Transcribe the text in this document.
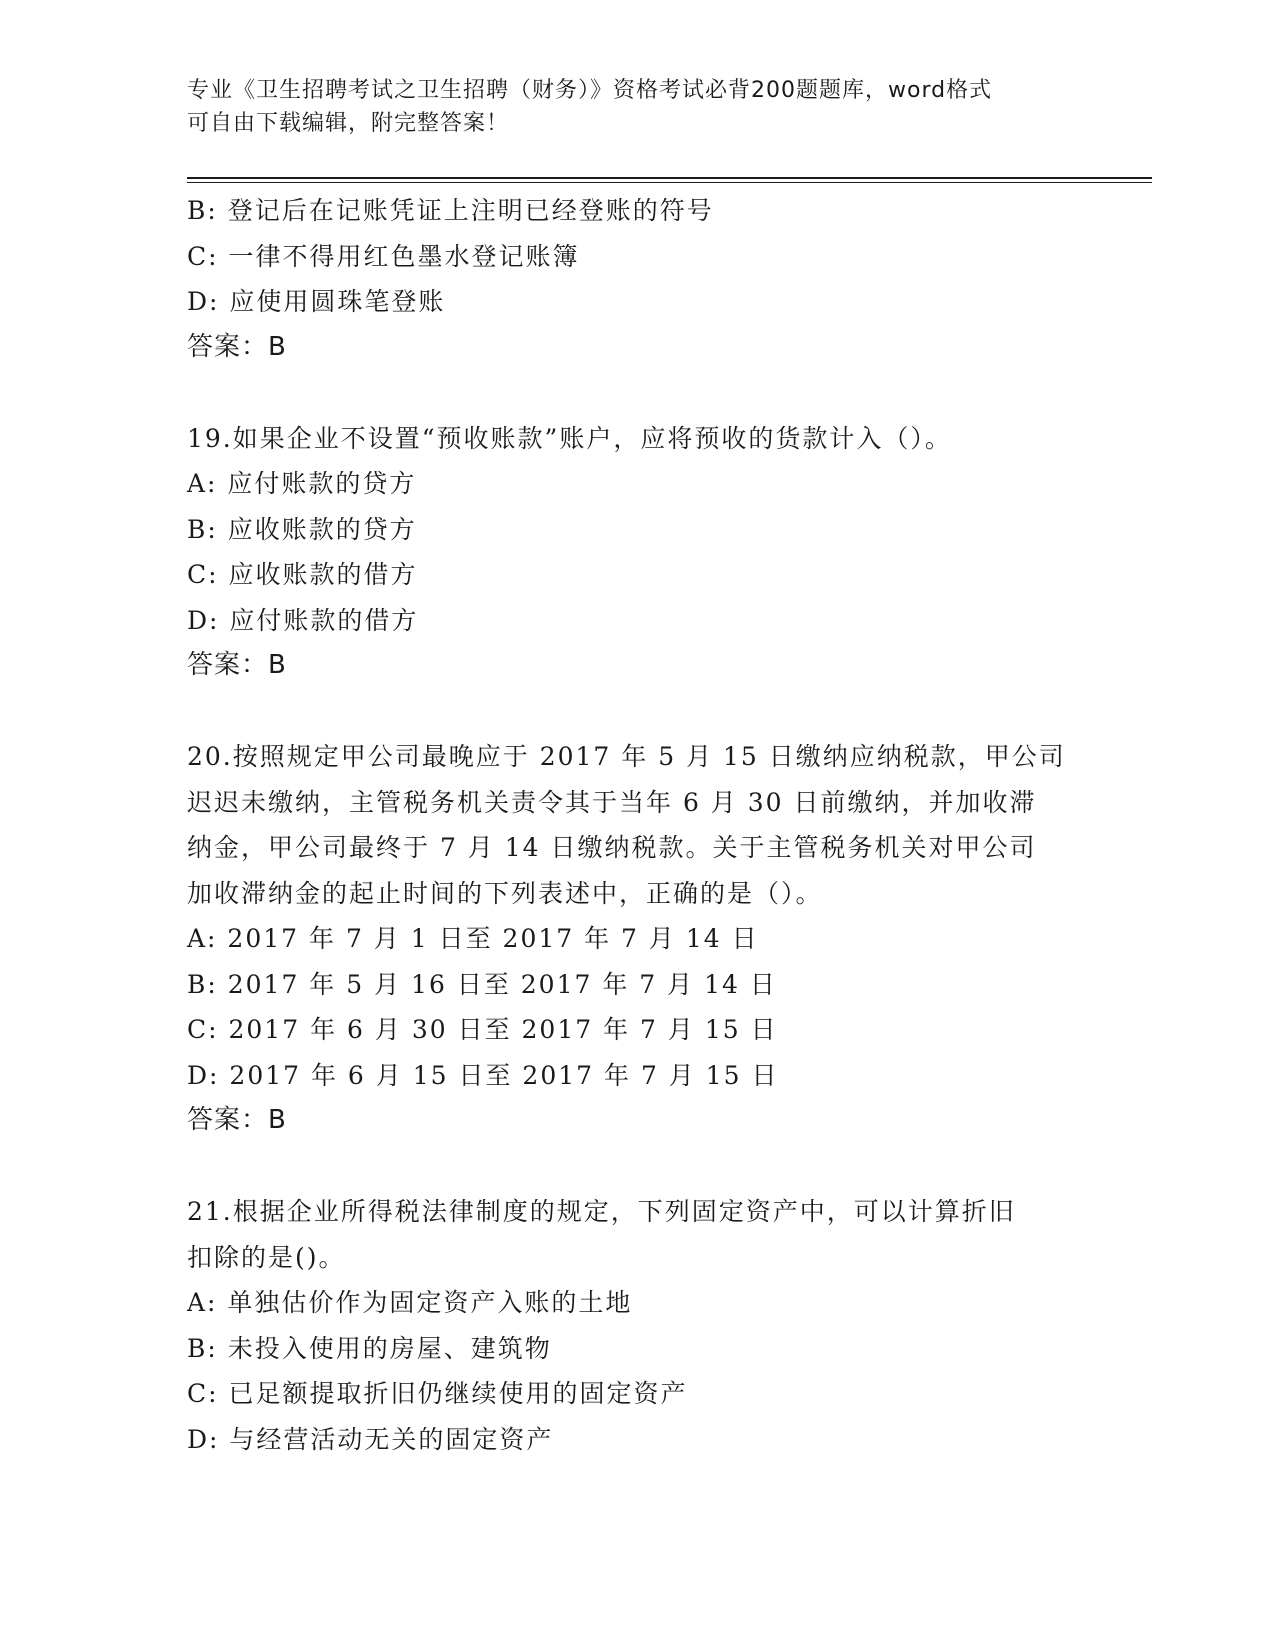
专业《卫生招聘考试之卫生招聘（财务）》资格考试必背200题题库，word格式
可自由下载编辑，附完整答案！
B: 登记后在记账凭证上注明已经登账的符号
C: 一律不得用红色墨水登记账簿
D: 应使用圆珠笔登账
答案：B
19.如果企业不设置“预收账款”账户，应将预收的货款计入（）。
A: 应付账款的贷方
B: 应收账款的贷方
C: 应收账款的借方
D: 应付账款的借方
答案：B
20.按照规定甲公司最晚应于 2017 年 5 月 15 日缴纳应纳税款，甲公司
迟迟未缴纳，主管税务机关责令其于当年 6 月 30 日前缴纳，并加收滞
纳金，甲公司最终于 7 月 14 日缴纳税款。关于主管税务机关对甲公司
加收滞纳金的起止时间的下列表述中，正确的是（）。
A: 2017 年 7 月 1 日至 2017 年 7 月 14 日
B: 2017 年 5 月 16 日至 2017 年 7 月 14 日
C: 2017 年 6 月 30 日至 2017 年 7 月 15 日
D: 2017 年 6 月 15 日至 2017 年 7 月 15 日
答案：B
21.根据企业所得税法律制度的规定，下列固定资产中，可以计算折旧
扣除的是()。
A: 单独估价作为固定资产入账的土地
B: 未投入使用的房屋、建筑物
C: 已足额提取折旧仍继续使用的固定资产
D: 与经营活动无关的固定资产
